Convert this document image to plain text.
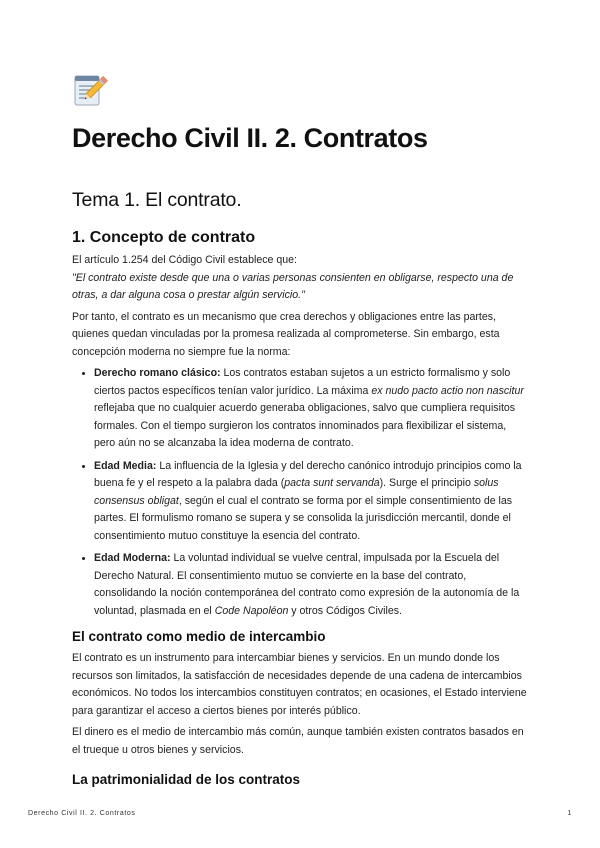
Derecho Civil II. 2. Contratos
Tema 1. El contrato.
1. Concepto de contrato

El artículo 1.254 del Código Civil establece que:

"El contrato existe desde que una o varias personas consienten en obligarse, respecto una de otras, a dar alguna cosa o prestar algún servicio."

Por tanto, el contrato es un mecanismo que crea derechos y obligaciones entre las partes, quienes quedan vinculadas por la promesa realizada al comprometerse. Sin embargo, esta concepción moderna no siempre fue la norma:

• Derecho romano clásico: Los contratos estaban sujetos a un estricto formalismo y solo ciertos pactos específicos tenían valor jurídico. La máxima ex nudo pacto actio non nascitur reflejaba que no cualquier acuerdo generaba obligaciones, salvo que cumpliera requisitos formales. Con el tiempo surgieron los contratos innominados para flexibilizar el sistema, pero aún no se alcanzaba la idea moderna de contrato.
• Edad Media: La influencia de la Iglesia y del derecho canónico introdujo principios como la buena fe y el respeto a la palabra dada (pacta sunt servanda). Surge el principio solus consensus obligat, según el cual el contrato se forma por el simple consentimiento de las partes. El formulismo romano se supera y se consolida la jurisdicción mercantil, donde el consentimiento mutuo constituye la esencia del contrato.
• Edad Moderna: La voluntad individual se vuelve central, impulsada por la Escuela del Derecho Natural. El consentimiento mutuo se convierte en la base del contrato, consolidando la noción contemporánea del contrato como expresión de la autonomía de la voluntad, plasmada en el Code Napoléon y otros Códigos Civiles.
El contrato como medio de intercambio

El contrato es un instrumento para intercambiar bienes y servicios. En un mundo donde los recursos son limitados, la satisfacción de necesidades depende de una cadena de intercambios económicos. No todos los intercambios constituyen contratos; en ocasiones, el Estado interviene para garantizar el acceso a ciertos bienes por interés público.

El dinero es el medio de intercambio más común, aunque también existen contratos basados en el trueque u otros bienes y servicios.

La patrimonialidad de los contratos
Derecho Civil II. 2. Contratos	1
